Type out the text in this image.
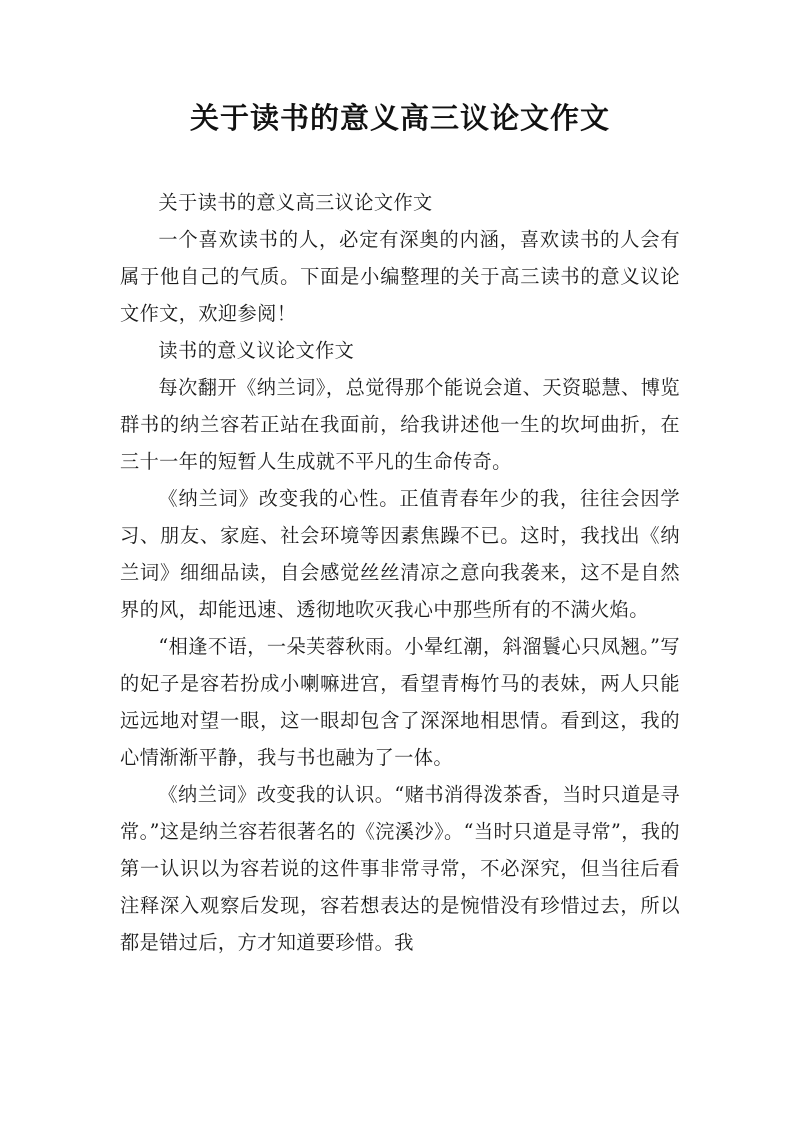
关于读书的意义高三议论文作文

关于读书的意义高三议论文作文

一个喜欢读书的人，必定有深奥的内涵，喜欢读书的人会有属于他自己的气质。下面是小编整理的关于高三读书的意义议论文作文，欢迎参阅！

读书的意义议论文作文

每次翻开《纳兰词》，总觉得那个能说会道、天资聪慧、博览群书的纳兰容若正站在我面前，给我讲述他一生的坎坷曲折，在三十一年的短暂人生成就不平凡的生命传奇。

《纳兰词》改变我的心性。正值青春年少的我，往往会因学习、朋友、家庭、社会环境等因素焦躁不已。这时，我找出《纳兰词》细细品读，自会感觉丝丝清凉之意向我袭来，这不是自然界的风，却能迅速、透彻地吹灭我心中那些所有的不满火焰。

“相逢不语，一朵芙蓉秋雨。小晕红潮，斜溜鬟心只凤翘。”写的妃子是容若扮成小喇嘛进宫，看望青梅竹马的表妹，两人只能远远地对望一眼，这一眼却包含了深深地相思情。看到这，我的心情渐渐平静，我与书也融为了一体。

《纳兰词》改变我的认识。“赌书消得泼茶香，当时只道是寻常。”这是纳兰容若很著名的《浣溪沙》。“当时只道是寻常”，我的第一认识以为容若说的这件事非常寻常，不必深究，但当往后看注释深入观察后发现，容若想表达的是惋惜没有珍惜过去，所以都是错过后，方才知道要珍惜。我
